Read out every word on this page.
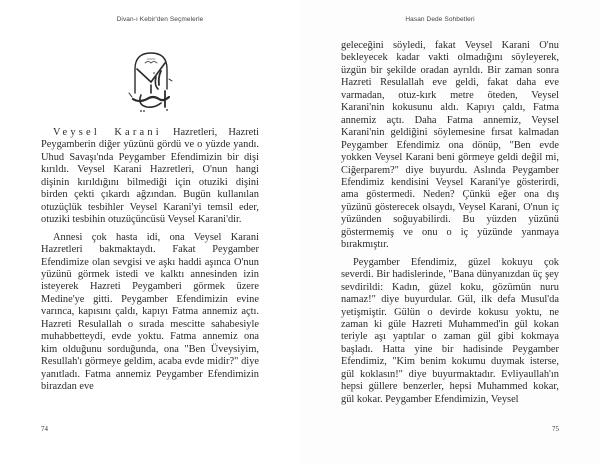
Divan-ı Kebir'den Seçmelerle

Veysel Karani Hazretleri, Hazreti Peygamberin diğer yüzünü gördü ve o yüzde yandı. Uhud Savaşı'nda Peygamber Efendimizin bir dişi kırıldı. Veysel Karani Hazretleri, O'nun hangi dişinin kırıldığını bilmediği için otuziki dişini birden çekti çıkardı ağzından. Bugün kullanılan otuzüçlük tesbihler Veysel Karani'yi temsil eder, otuziki tesbihin otuzüçüncüsü Veysel Karani'dir.

Annesi çok hasta idi, ona Veysel Karani Hazretleri bakmaktaydı. Fakat Peygamber Efendimize olan sevgisi ve aşkı haddi aşınca O'nun yüzünü görmek istedi ve kalktı annesinden izin isteyerek Hazreti Peygamberi görmek üzere Medine'ye gitti. Peygamber Efendimizin evine varınca, kapısını çaldı, kapıyı Fatma annemiz açtı. Hazreti Resulallah o sırada mescitte sahabesiyle muhabbetteydi, evde yoktu. Fatma annemiz ona kim olduğunu sorduğunda, ona "Ben Üveysiyim, Resullah'ı görmeye geldim, acaba evde midir?" diye yanıtladı. Fatma annemiz Peygamber Efendimizin birazdan eve

74
Hasan Dede Sohbetleri

geleceğini söyledi, fakat Veysel Karani O'nu bekleyecek kadar vakti olmadığını söyleyerek, üzgün bir şekilde oradan ayrıldı. Bir zaman sonra Hazreti Resulallah eve geldi, fakat daha eve varmadan, otuz-kırk metre öteden, Veysel Karani'nin kokusunu aldı. Kapıyı çaldı, Fatma annemiz açtı. Daha Fatma annemiz, Veysel Karani'nin geldiğini söylemesine fırsat kalmadan Peygamber Efendimiz ona dönüp, "Ben evde yokken Veysel Karani beni görmeye geldi değil mi, Ciğerparem?" diye buyurdu. Aslında Peygamber Efendimiz kendisini Veysel Karani'ye gösterirdi, ama göstermedi. Neden? Çünkü eğer ona dış yüzünü gösterecek olsaydı, Veysel Karani, O'nun iç yüzünden soğuyabilirdi. Bu yüzden yüzünü göstermemiş ve onu o iç yüzünde yanmaya bırakmıştır.

Peygamber Efendimiz, güzel kokuyu çok severdi. Bir hadislerinde, "Bana dünyanızdan üç şey sevdirildi: Kadın, güzel koku, gözümün nuru namaz!" diye buyurdular. Gül, ilk defa Musul'da yetişmiştir. Gülün o devirde kokusu yoktu, ne zaman ki güle Hazreti Muhammed'in gül kokan teriyle aşı yaptılar o zaman gül gibi kokmaya başladı. Hatta yine bir hadisinde Peygamber Efendimiz, "Kim benim kokumu duymak isterse, gül koklasın!" diye buyurmaktadır. Evliyaullah'ın hepsi güllere benzerler, hepsi Muhammed kokar, gül kokar. Peygamber Efendimizin, Veysel

75
